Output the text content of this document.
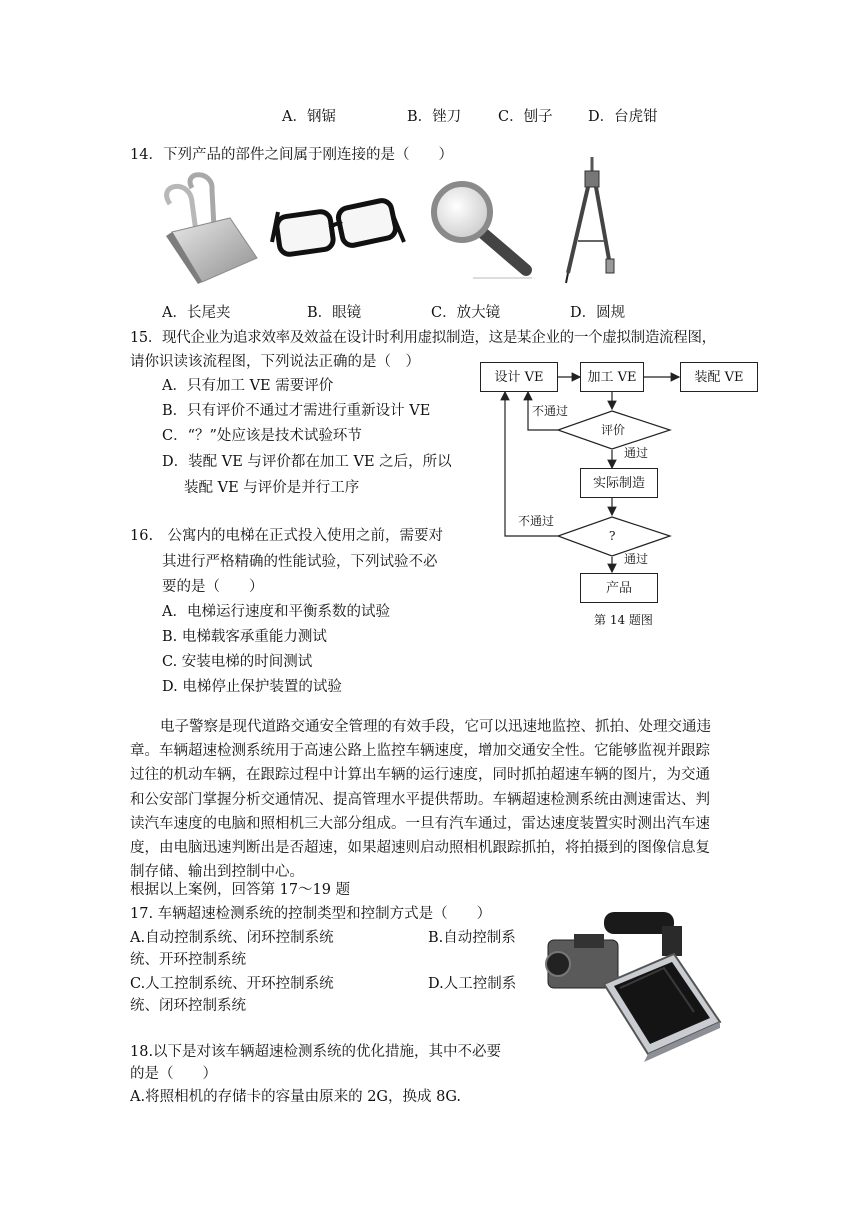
A．钢锯	B．锉刀	C．刨子 D．台虎钳
14．下列产品的部件之间属于刚连接的是（　　）
A．长尾夹	B．眼镜	C．放大镜	D．圆规
15．现代企业为追求效率及效益在设计时利用虚拟制造，这是某企业的一个虚拟制造流程图，
请你识读该流程图，下列说法正确的是（　）
A．只有加工 VE 需要评价
B．只有评价不通过才需进行重新设计 VE
C．“？”处应该是技术试验环节
D．装配 VE 与评价都在加工 VE 之后，所以
装配 VE 与评价是并行工序
设计 VE	加工 VE	装配 VE
评价
不通过
通过
实际制造
?
不通过
通过
产品
第 14 题图
16.　公寓内的电梯在正式投入使用之前，需要对
其进行严格精确的性能试验，下列试验不必
要的是（　　）
A．电梯运行速度和平衡系数的试验
B. 电梯载客承重能力测试
C. 安装电梯的时间测试
D. 电梯停止保护装置的试验
电子警察是现代道路交通安全管理的有效手段，它可以迅速地监控、抓拍、处理交通违章。车辆超速检测系统用于高速公路上监控车辆速度，增加交通安全性。它能够监视并跟踪过往的机动车辆，在跟踪过程中计算出车辆的运行速度，同时抓拍超速车辆的图片，为交通和公安部门掌握分析交通情况、提高管理水平提供帮助。车辆超速检测系统由测速雷达、判读汽车速度的电脑和照相机三大部分组成。一旦有汽车通过，雷达速度装置实时测出汽车速度，由电脑迅速判断出是否超速，如果超速则启动照相机跟踪抓拍，将拍摄到的图像信息复制存储、输出到控制中心。
根据以上案例，回答第 17～19 题
17. 车辆超速检测系统的控制类型和控制方式是（　　）
A.自动控制系统、闭环控制系统	B.自动控制系
统、开环控制系统
C.人工控制系统、开环控制系统	D.人工控制系
统、闭环控制系统
18.以下是对该车辆超速检测系统的优化措施，其中不必要
的是（　　）
A.将照相机的存储卡的容量由原来的 2G，换成 8G.
